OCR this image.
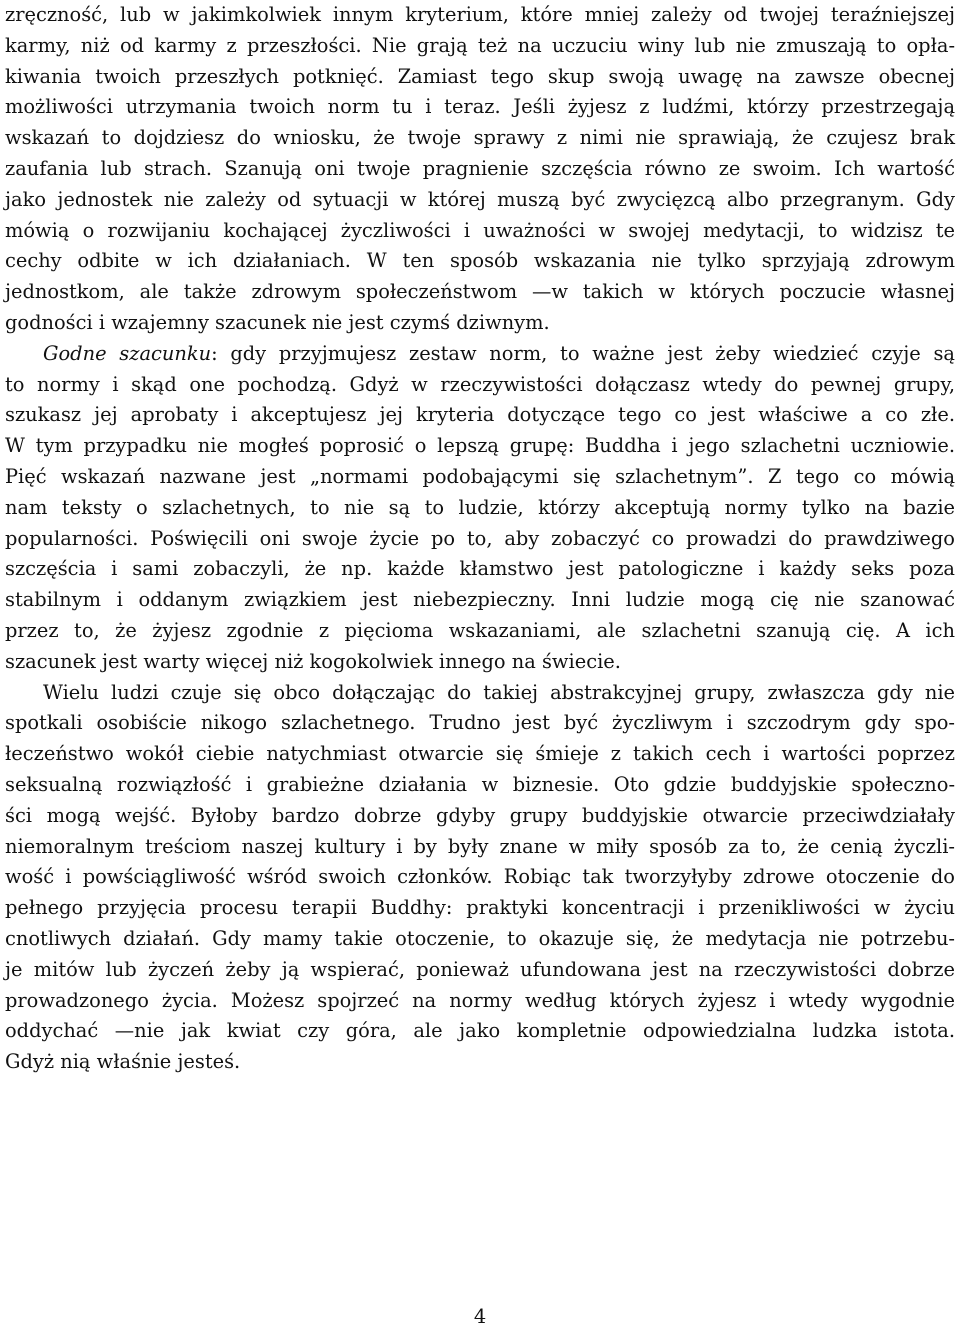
zręczność, lub w jakimkolwiek innym kryterium, które mniej zależy od twojej teraźniejszej
karmy, niż od karmy z przeszłości. Nie grają też na uczuciu winy lub nie zmuszają to opła-
kiwania twoich przeszłych potknięć. Zamiast tego skup swoją uwagę na zawsze obecnej
możliwości utrzymania twoich norm tu i teraz. Jeśli żyjesz z ludźmi, którzy przestrzegają
wskazań to dojdziesz do wniosku, że twoje sprawy z nimi nie sprawiają, że czujesz brak
zaufania lub strach. Szanują oni twoje pragnienie szczęścia równo ze swoim. Ich wartość
jako jednostek nie zależy od sytuacji w której muszą być zwycięzcą albo przegranym. Gdy
mówią o rozwijaniu kochającej życzliwości i uważności w swojej medytacji, to widzisz te
cechy odbite w ich działaniach. W ten sposób wskazania nie tylko sprzyjają zdrowym
jednostkom, ale także zdrowym społeczeństwom —w takich w których poczucie własnej
godności i wzajemny szacunek nie jest czymś dziwnym.
Godne szacunku: gdy przyjmujesz zestaw norm, to ważne jest żeby wiedzieć czyje są
to normy i skąd one pochodzą. Gdyż w rzeczywistości dołączasz wtedy do pewnej grupy,
szukasz jej aprobaty i akceptujesz jej kryteria dotyczące tego co jest właściwe a co złe.
W tym przypadku nie mogłeś poprosić o lepszą grupę: Buddha i jego szlachetni uczniowie.
Pięć wskazań nazwane jest „normami podobającymi się szlachetnym”. Z tego co mówią
nam teksty o szlachetnych, to nie są to ludzie, którzy akceptują normy tylko na bazie
popularności. Poświęcili oni swoje życie po to, aby zobaczyć co prowadzi do prawdziwego
szczęścia i sami zobaczyli, że np. każde kłamstwo jest patologiczne i każdy seks poza
stabilnym i oddanym związkiem jest niebezpieczny. Inni ludzie mogą cię nie szanować
przez to, że żyjesz zgodnie z pięcioma wskazaniami, ale szlachetni szanują cię. A ich
szacunek jest warty więcej niż kogokolwiek innego na świecie.
Wielu ludzi czuje się obco dołączając do takiej abstrakcyjnej grupy, zwłaszcza gdy nie
spotkali osobiście nikogo szlachetnego. Trudno jest być życzliwym i szczodrym gdy spo-
łeczeństwo wokół ciebie natychmiast otwarcie się śmieje z takich cech i wartości poprzez
seksualną rozwiązłość i grabieżne działania w biznesie. Oto gdzie buddyjskie społeczno-
ści mogą wejść. Byłoby bardzo dobrze gdyby grupy buddyjskie otwarcie przeciwdziałały
niemoralnym treściom naszej kultury i by były znane w miły sposób za to, że cenią życzli-
wość i powściągliwość wśród swoich członków. Robiąc tak tworzyłyby zdrowe otoczenie do
pełnego przyjęcia procesu terapii Buddhy: praktyki koncentracji i przenikliwości w życiu
cnotliwych działań. Gdy mamy takie otoczenie, to okazuje się, że medytacja nie potrzebu-
je mitów lub życzeń żeby ją wspierać, ponieważ ufundowana jest na rzeczywistości dobrze
prowadzonego życia. Możesz spojrzeć na normy według których żyjesz i wtedy wygodnie
oddychać —nie jak kwiat czy góra, ale jako kompletnie odpowiedzialna ludzka istota.
Gdyż nią właśnie jesteś.
4
